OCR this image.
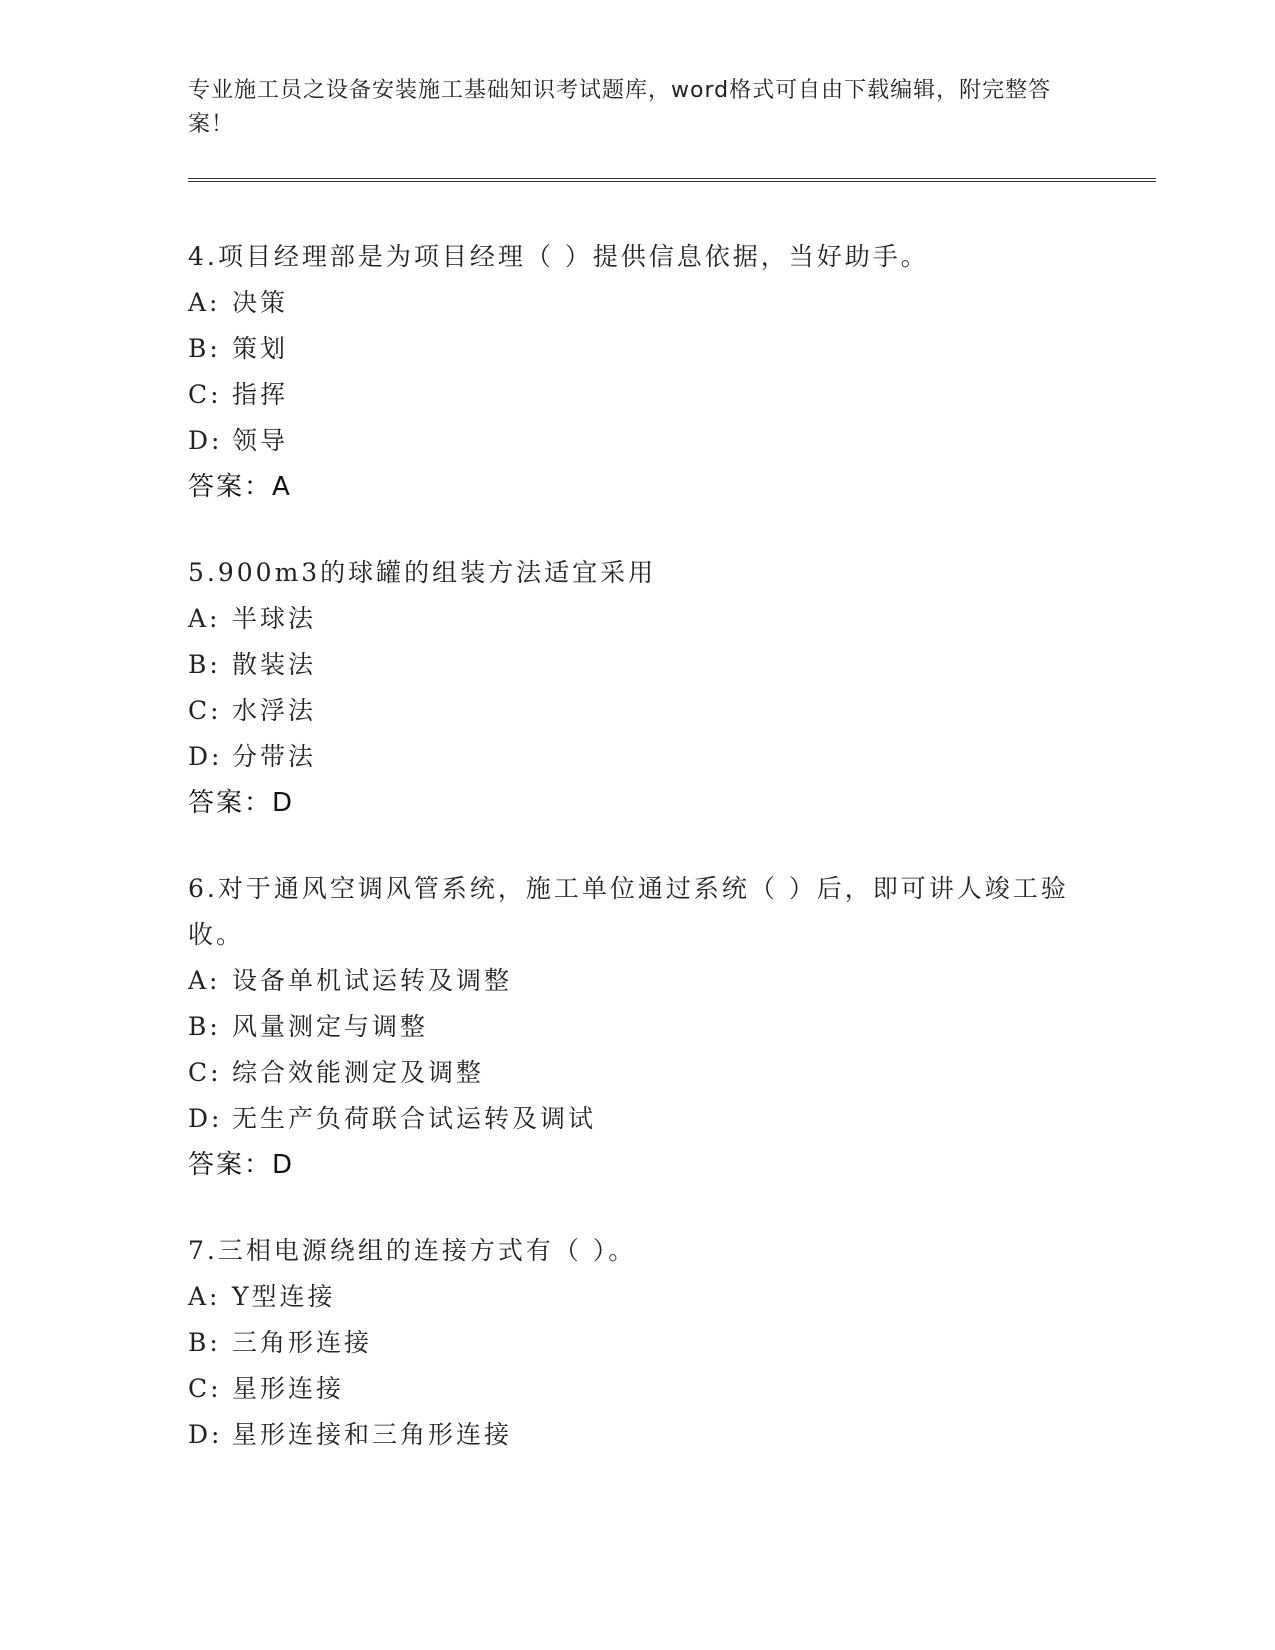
专业施工员之设备安装施工基础知识考试题库，word格式可自由下载编辑，附完整答案！
4.项目经理部是为项目经理（ ）提供信息依据，当好助手。
A: 决策
B: 策划
C: 指挥
D: 领导
答案：A
5.900m3的球罐的组装方法适宜采用
A: 半球法
B: 散装法
C: 水浮法
D: 分带法
答案：D
6.对于通风空调风管系统，施工单位通过系统（ ）后，即可讲人竣工验收。
A: 设备单机试运转及调整
B: 风量测定与调整
C: 综合效能测定及调整
D: 无生产负荷联合试运转及调试
答案：D
7.三相电源绕组的连接方式有（ ）。
A: Y型连接
B: 三角形连接
C: 星形连接
D: 星形连接和三角形连接
